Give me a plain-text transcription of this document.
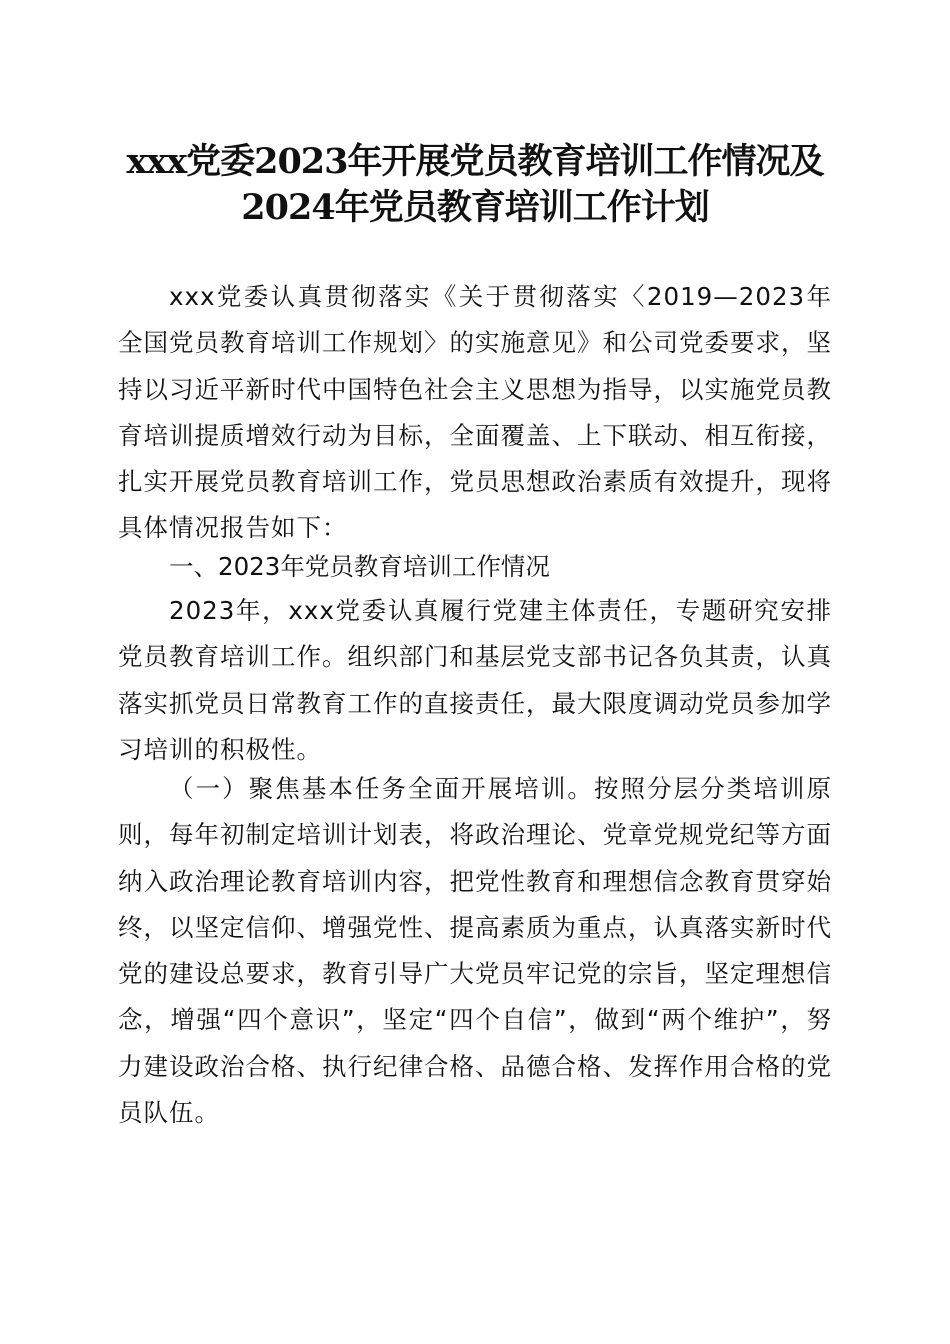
xxx党委2023年开展党员教育培训工作情况及
2024年党员教育培训工作计划

xxx党委认真贯彻落实《关于贯彻落实〈2019—2023年全国党员教育培训工作规划〉的实施意见》和公司党委要求，坚持以习近平新时代中国特色社会主义思想为指导，以实施党员教育培训提质增效行动为目标，全面覆盖、上下联动、相互衔接，扎实开展党员教育培训工作，党员思想政治素质有效提升，现将具体情况报告如下：

一、2023年党员教育培训工作情况

2023年，xxx党委认真履行党建主体责任，专题研究安排党员教育培训工作。组织部门和基层党支部书记各负其责，认真落实抓党员日常教育工作的直接责任，最大限度调动党员参加学习培训的积极性。

（一）聚焦基本任务全面开展培训。按照分层分类培训原则，每年初制定培训计划表，将政治理论、党章党规党纪等方面纳入政治理论教育培训内容，把党性教育和理想信念教育贯穿始终，以坚定信仰、增强党性、提高素质为重点，认真落实新时代党的建设总要求，教育引导广大党员牢记党的宗旨，坚定理想信念，增强“四个意识”，坚定“四个自信”，做到“两个维护”，努力建设政治合格、执行纪律合格、品德合格、发挥作用合格的党员队伍。
